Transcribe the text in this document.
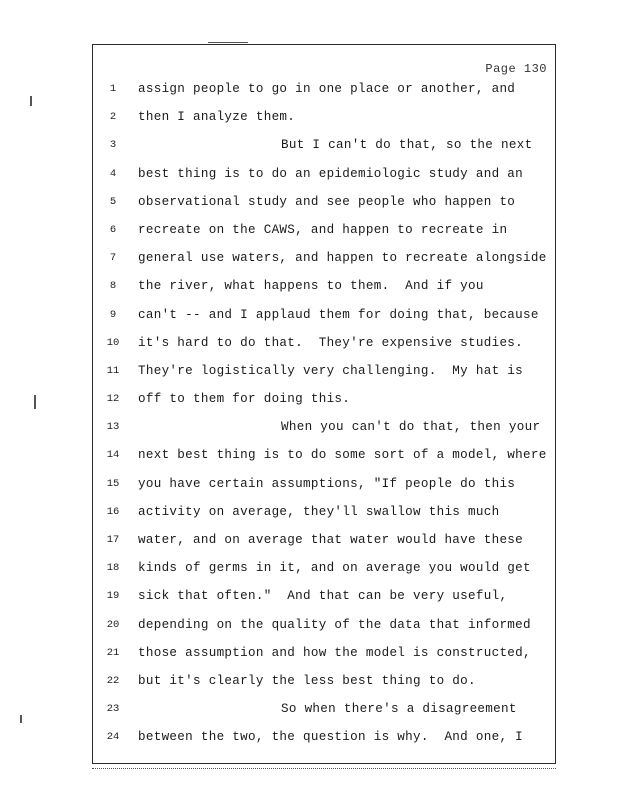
Page 130
1	assign people to go in one place or another, and
2	then I analyze them.
3	But I can't do that, so the next
4	best thing is to do an epidemiologic study and an
5	observational study and see people who happen to
6	recreate on the CAWS, and happen to recreate in
7	general use waters, and happen to recreate alongside
8	the river, what happens to them.  And if you
9	can't -- and I applaud them for doing that, because
10	it's hard to do that.  They're expensive studies.
11	They're logistically very challenging.  My hat is
12	off to them for doing this.
13	When you can't do that, then your
14	next best thing is to do some sort of a model, where
15	you have certain assumptions, "If people do this
16	activity on average, they'll swallow this much
17	water, and on average that water would have these
18	kinds of germs in it, and on average you would get
19	sick that often."  And that can be very useful,
20	depending on the quality of the data that informed
21	those assumption and how the model is constructed,
22	but it's clearly the less best thing to do.
23	So when there's a disagreement
24	between the two, the question is why.  And one, I
